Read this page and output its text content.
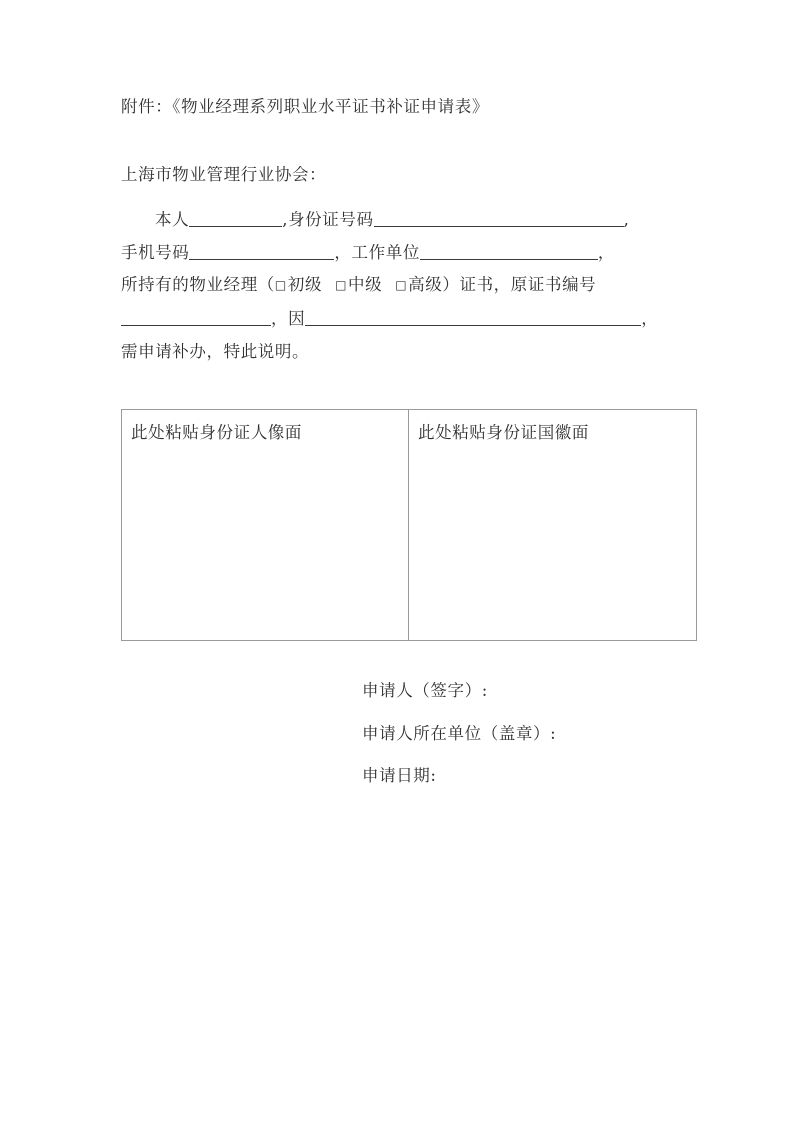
附件：《物业经理系列职业水平证书补证申请表》
上海市物业管理行业协会：
本人	,身份证号码	,
手机号码	，工作单位	，
所持有的物业经理（□初级 □中级 □高级）证书，原证书编号
，因	，
需申请补办，特此说明。
此处粘贴身份证人像面	此处粘贴身份证国徽面
申请人（签字）:
申请人所在单位（盖章）:
申请日期:
